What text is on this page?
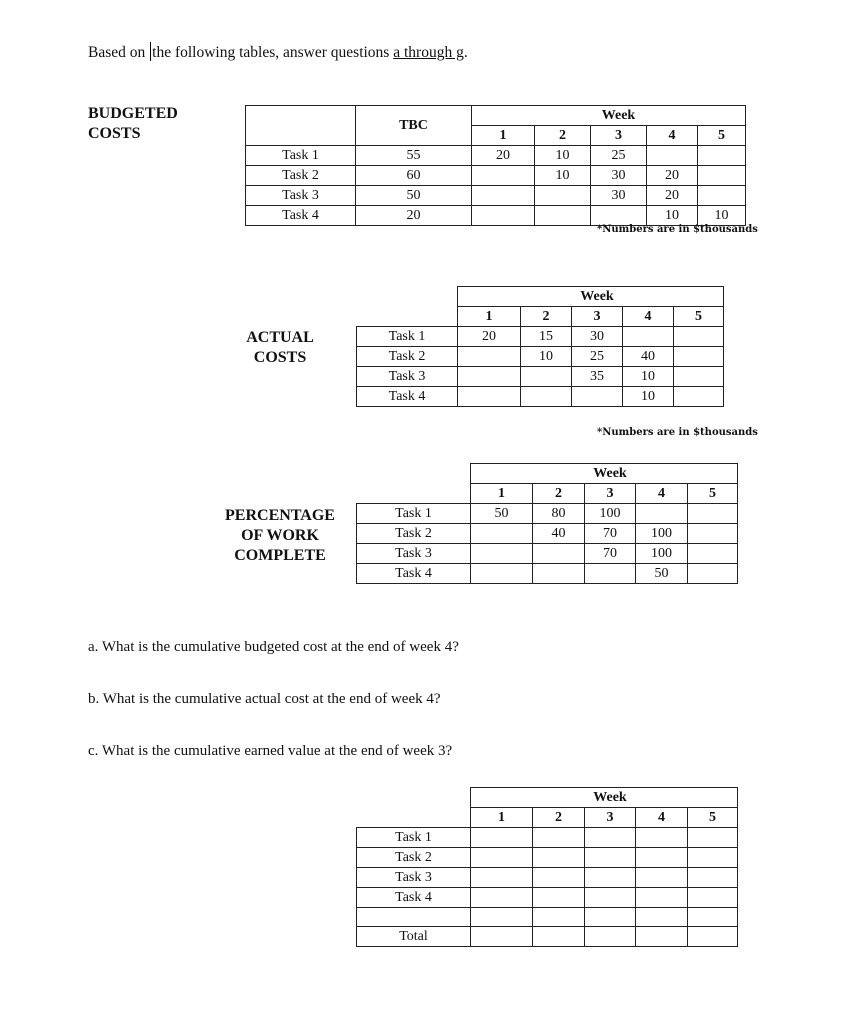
Based on the following tables, answer questions a through g.
BUDGETED
COSTS
		TBC			Week		
		1	2	3	4	5
Task 1	55	20	10	25		
Task 2	60		10	30	20	
Task 3	50			30	20	
Task 4	20				10	10
*Numbers are in $thousands
ACTUAL
COSTS
			Week		
	1	2	3	4	5
Task 1	20	15	30		
Task 2		10	25	40	
Task 3			35	10	
Task 4				10	
*Numbers are in $thousands
PERCENTAGE
OF WORK
COMPLETE
			Week		
	1	2	3	4	5
Task 1	50	80	100		
Task 2		40	70	100	
Task 3			70	100	
Task 4				50	
a. What is the cumulative budgeted cost at the end of week 4?
b. What is the cumulative actual cost at the end of week 4?
c. What is the cumulative earned value at the end of week 3?
			Week		
	1	2	3	4	5
Task 1					
Task 2					
Task 3					
Task 4					

Total					
